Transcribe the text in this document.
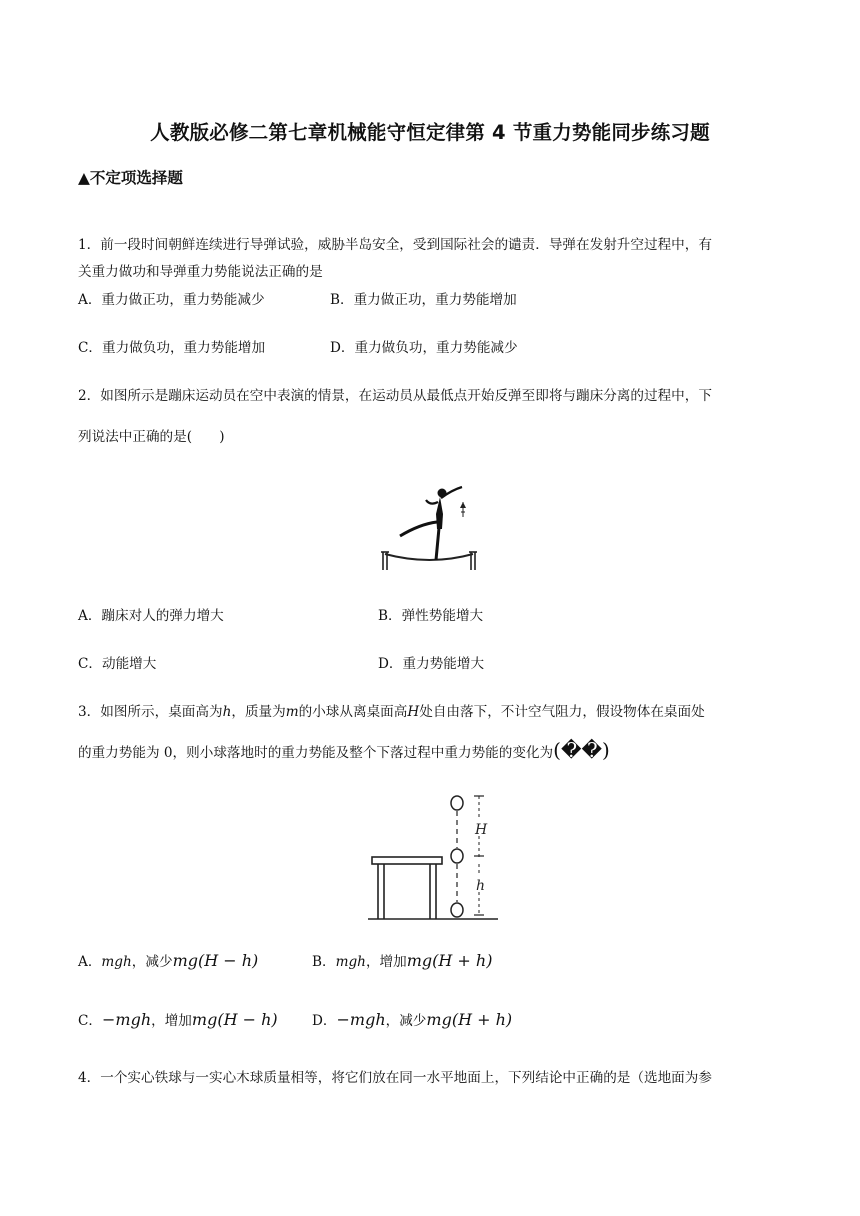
人教版必修二第七章机械能守恒定律第 4 节重力势能同步练习题
▲不定项选择题
1．前一段时间朝鲜连续进行导弹试验，威胁半岛安全，受到国际社会的谴责．导弹在发射升空过程中，有
关重力做功和导弹重力势能说法正确的是
A．重力做正功，重力势能减少	B．重力做正功，重力势能增加
C．重力做负功，重力势能增加	D．重力做负功，重力势能减少
2．如图所示是蹦床运动员在空中表演的情景，在运动员从最低点开始反弹至即将与蹦床分离的过程中，下
列说法中正确的是(　　)
A．蹦床对人的弹力增大	B．弹性势能增大
C．动能增大	D．重力势能增大
3．如图所示，桌面高为h，质量为m的小球从离桌面高H处自由落下，不计空气阻力，假设物体在桌面处
的重力势能为 0，则小球落地时的重力势能及整个下落过程中重力势能的变化为(��)
H
h
A．mgh，减少mg(H − h)	B．mgh，增加mg(H + h)
C．−mgh，增加mg(H − h)	D．−mgh，减少mg(H + h)
4．一个实心铁球与一实心木球质量相等，将它们放在同一水平地面上，下列结论中正确的是（选地面为参
